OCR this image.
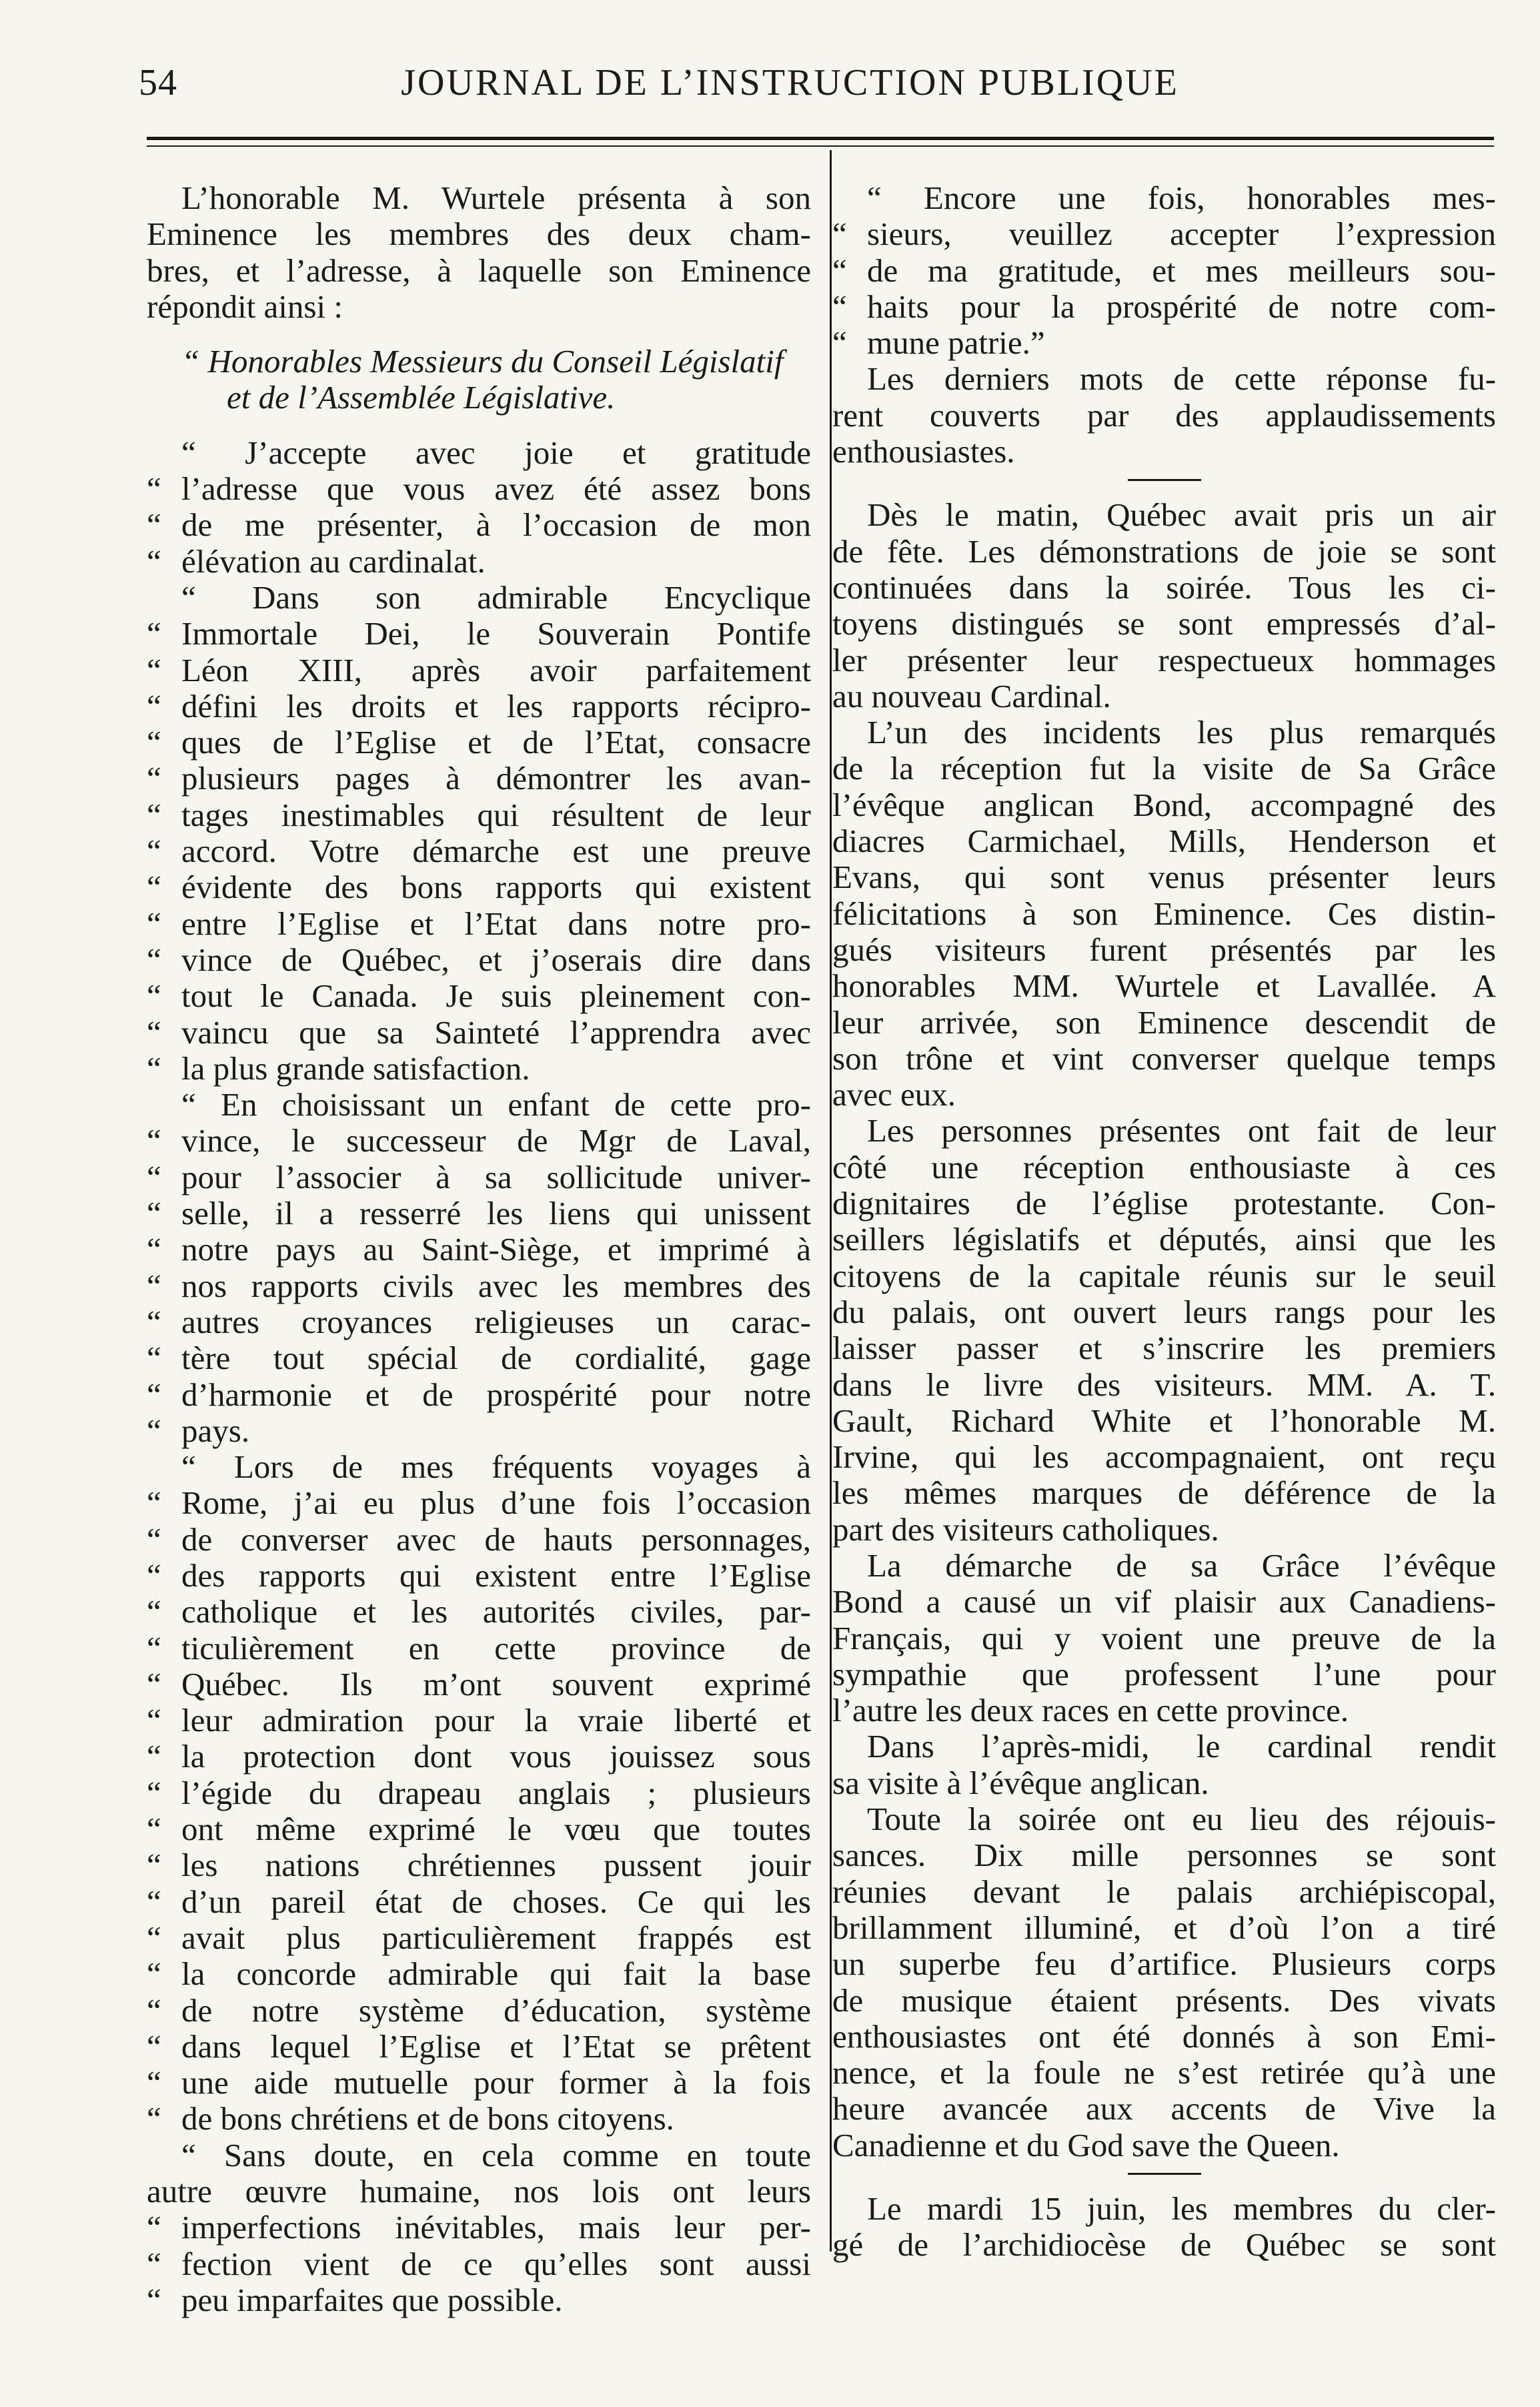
54	JOURNAL DE L’INSTRUCTION PUBLIQUE
L’honorable M. Wurtele présenta à son
Eminence les membres des deux cham-
bres, et l’adresse, à laquelle son Eminence
répondit ainsi :
“ Honorables Messieurs du Conseil Législatif
et de l’Assemblée Législative.
“ J’accepte avec joie et gratitude
“ l’adresse que vous avez été assez bons
“ de me présenter, à l’occasion de mon
“ élévation au cardinalat.
“ Dans son admirable Encyclique
“ Immortale Dei, le Souverain Pontife
“ Léon XIII, après avoir parfaitement
“ défini les droits et les rapports récipro-
“ ques de l’Eglise et de l’Etat, consacre
“ plusieurs pages à démontrer les avan-
“ tages inestimables qui résultent de leur
“ accord. Votre démarche est une preuve
“ évidente des bons rapports qui existent
“ entre l’Eglise et l’Etat dans notre pro-
“ vince de Québec, et j’oserais dire dans
“ tout le Canada. Je suis pleinement con-
“ vaincu que sa Sainteté l’apprendra avec
“ la plus grande satisfaction.
“ En choisissant un enfant de cette pro-
“ vince, le successeur de Mgr de Laval,
“ pour l’associer à sa sollicitude univer-
“ selle, il a resserré les liens qui unissent
“ notre pays au Saint-Siège, et imprimé à
“ nos rapports civils avec les membres des
“ autres croyances religieuses un carac-
“ tère tout spécial de cordialité, gage
“ d’harmonie et de prospérité pour notre
“ pays.
“ Lors de mes fréquents voyages à
“ Rome, j’ai eu plus d’une fois l’occasion
“ de converser avec de hauts personnages,
“ des rapports qui existent entre l’Eglise
“ catholique et les autorités civiles, par-
“ ticulièrement en cette province de
“ Québec. Ils m’ont souvent exprimé
“ leur admiration pour la vraie liberté et
“ la protection dont vous jouissez sous
“ l’égide du drapeau anglais ; plusieurs
“ ont même exprimé le vœu que toutes
“ les nations chrétiennes pussent jouir
“ d’un pareil état de choses. Ce qui les
“ avait plus particulièrement frappés est
“ la concorde admirable qui fait la base
“ de notre système d’éducation, système
“ dans lequel l’Eglise et l’Etat se prêtent
“ une aide mutuelle pour former à la fois
“ de bons chrétiens et de bons citoyens.
“ Sans doute, en cela comme en toute
autre œuvre humaine, nos lois ont leurs
“ imperfections inévitables, mais leur per-
“ fection vient de ce qu’elles sont aussi
“ peu imparfaites que possible.
“ Encore une fois, honorables mes-
“ sieurs, veuillez accepter l’expression
“ de ma gratitude, et mes meilleurs sou-
“ haits pour la prospérité de notre com-
“ mune patrie.”
Les derniers mots de cette réponse fu-
rent couverts par des applaudissements
enthousiastes.
Dès le matin, Québec avait pris un air
de fête. Les démonstrations de joie se sont
continuées dans la soirée. Tous les ci-
toyens distingués se sont empressés d’al-
ler présenter leur respectueux hommages
au nouveau Cardinal.
L’un des incidents les plus remarqués
de la réception fut la visite de Sa Grâce
l’évêque anglican Bond, accompagné des
diacres Carmichael, Mills, Henderson et
Evans, qui sont venus présenter leurs
félicitations à son Eminence. Ces distin-
gués visiteurs furent présentés par les
honorables MM. Wurtele et Lavallée. A
leur arrivée, son Eminence descendit de
son trône et vint converser quelque temps
avec eux.
Les personnes présentes ont fait de leur
côté une réception enthousiaste à ces
dignitaires de l’église protestante. Con-
seillers législatifs et députés, ainsi que les
citoyens de la capitale réunis sur le seuil
du palais, ont ouvert leurs rangs pour les
laisser passer et s’inscrire les premiers
dans le livre des visiteurs. MM. A. T.
Gault, Richard White et l’honorable M.
Irvine, qui les accompagnaient, ont reçu
les mêmes marques de déférence de la
part des visiteurs catholiques.
La démarche de sa Grâce l’évêque
Bond a causé un vif plaisir aux Canadiens-
Français, qui y voient une preuve de la
sympathie que professent l’une pour
l’autre les deux races en cette province.
Dans l’après-midi, le cardinal rendit
sa visite à l’évêque anglican.
Toute la soirée ont eu lieu des réjouis-
sances. Dix mille personnes se sont
réunies devant le palais archiépiscopal,
brillamment illuminé, et d’où l’on a tiré
un superbe feu d’artifice. Plusieurs corps
de musique étaient présents. Des vivats
enthousiastes ont été donnés à son Emi-
nence, et la foule ne s’est retirée qu’à une
heure avancée aux accents de Vive la
Canadienne et du God save the Queen.
Le mardi 15 juin, les membres du cler-
gé de l’archidiocèse de Québec se sont
